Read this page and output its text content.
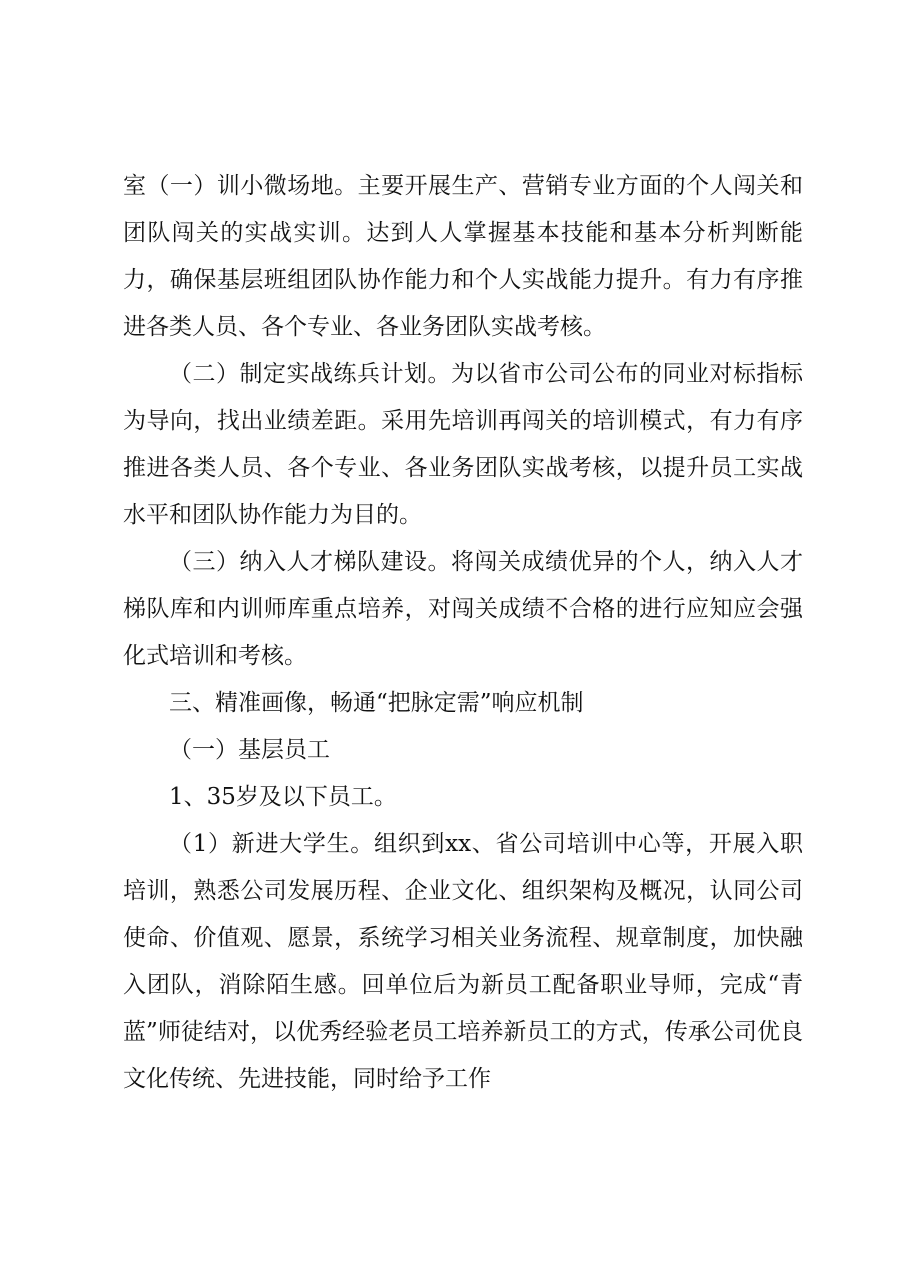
室（一）训小微场地。主要开展生产、营销专业方面的个人闯关和团队闯关的实战实训。达到人人掌握基本技能和基本分析判断能力，确保基层班组团队协作能力和个人实战能力提升。有力有序推进各类人员、各个专业、各业务团队实战考核。

（二）制定实战练兵计划。为以省市公司公布的同业对标指标为导向，找出业绩差距。采用先培训再闯关的培训模式，有力有序推进各类人员、各个专业、各业务团队实战考核，以提升员工实战水平和团队协作能力为目的。

（三）纳入人才梯队建设。将闯关成绩优异的个人，纳入人才梯队库和内训师库重点培养，对闯关成绩不合格的进行应知应会强化式培训和考核。

三、精准画像，畅通“把脉定需”响应机制

（一）基层员工

1、35岁及以下员工。

（1）新进大学生。组织到xx、省公司培训中心等，开展入职培训，熟悉公司发展历程、企业文化、组织架构及概况，认同公司使命、价值观、愿景，系统学习相关业务流程、规章制度，加快融入团队，消除陌生感。回单位后为新员工配备职业导师，完成“青蓝”师徒结对，以优秀经验老员工培养新员工的方式，传承公司优良文化传统、先进技能，同时给予工作
